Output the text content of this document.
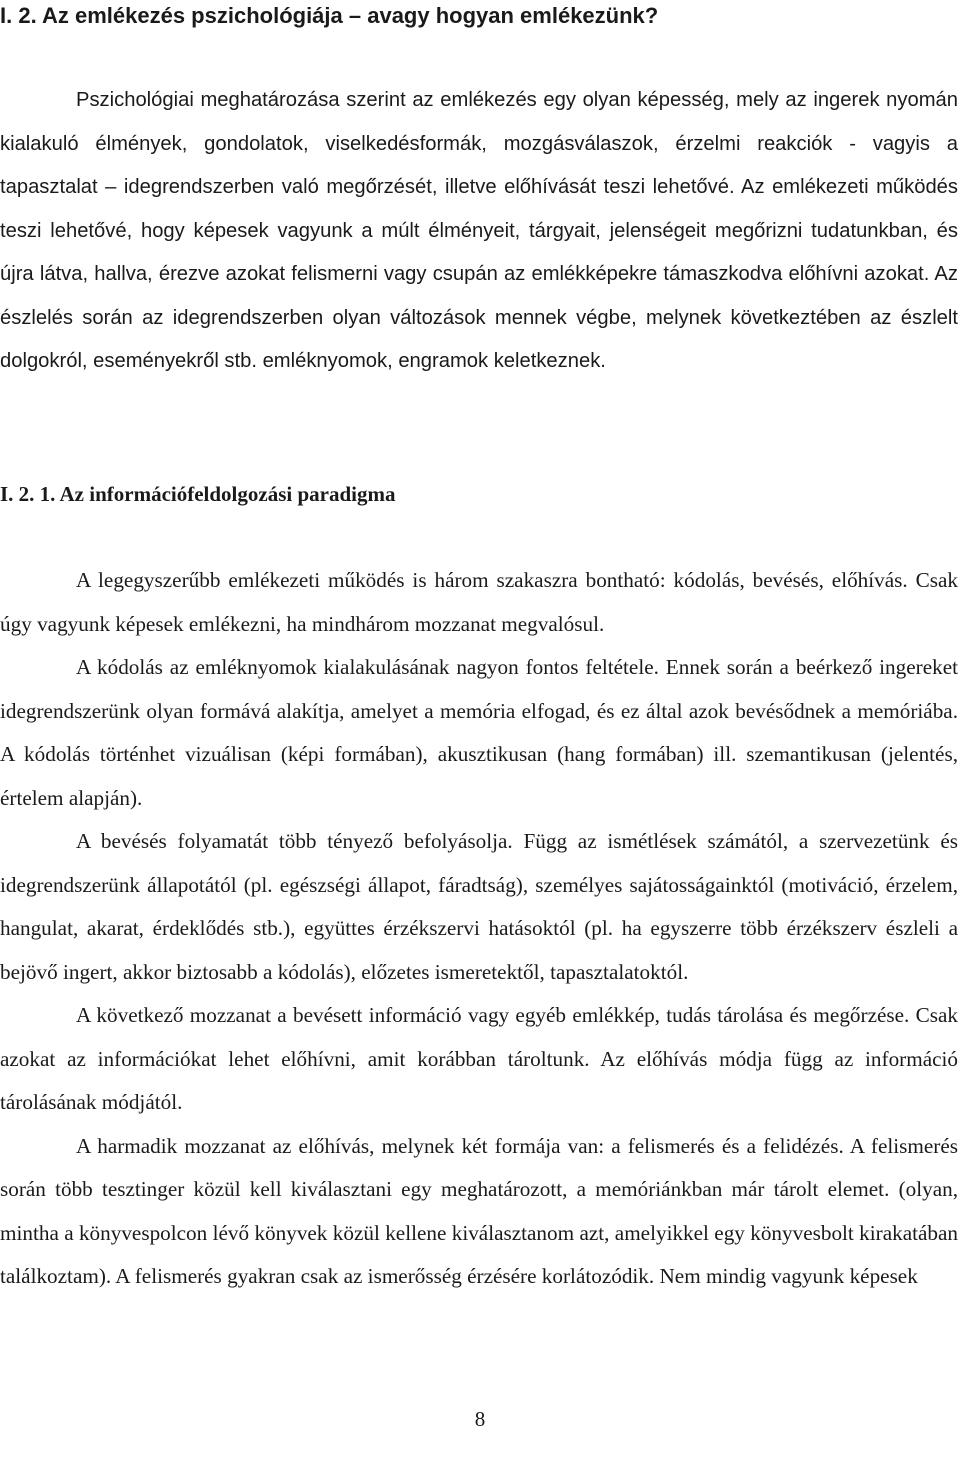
I. 2. Az emlékezés pszichológiája – avagy hogyan emlékezünk?

Pszichológiai meghatározása szerint az emlékezés egy olyan képesség, mely az ingerek nyomán kialakuló élmények, gondolatok, viselkedésformák, mozgásválaszok, érzelmi reakciók - vagyis a tapasztalat – idegrendszerben való megőrzését, illetve előhívását teszi lehetővé. Az emlékezeti működés teszi lehetővé, hogy képesek vagyunk a múlt élményeit, tárgyait, jelenségeit megőrizni tudatunkban, és újra látva, hallva, érezve azokat felismerni vagy csupán az emlékképekre támaszkodva előhívni azokat. Az észlelés során az idegrendszerben olyan változások mennek végbe, melynek következtében az észlelt dolgokról, eseményekről stb. emléknyomok, engramok keletkeznek.

I. 2. 1. Az információfeldolgozási paradigma

A legegyszerűbb emlékezeti működés is három szakaszra bontható: kódolás, bevésés, előhívás. Csak úgy vagyunk képesek emlékezni, ha mindhárom mozzanat megvalósul.

A kódolás az emléknyomok kialakulásának nagyon fontos feltétele. Ennek során a beérkező ingereket idegrendszerünk olyan formává alakítja, amelyet a memória elfogad, és ez által azok bevésődnek a memóriába. A kódolás történhet vizuálisan (képi formában), akusztikusan (hang formában) ill. szemantikusan (jelentés, értelem alapján).

A bevésés folyamatát több tényező befolyásolja. Függ az ismétlések számától, a szervezetünk és idegrendszerünk állapotától (pl. egészségi állapot, fáradtság), személyes sajátosságainktól (motiváció, érzelem, hangulat, akarat, érdeklődés stb.), együttes érzékszervi hatásoktól (pl. ha egyszerre több érzékszerv észleli a bejövő ingert, akkor biztosabb a kódolás), előzetes ismeretektől, tapasztalatoktól.

A következő mozzanat a bevésett információ vagy egyéb emlékkép, tudás tárolása és megőrzése. Csak azokat az információkat lehet előhívni, amit korábban tároltunk. Az előhívás módja függ az információ tárolásának módjától.

A harmadik mozzanat az előhívás, melynek két formája van: a felismerés és a felidézés. A felismerés során több tesztinger közül kell kiválasztani egy meghatározott, a memóriánkban már tárolt elemet. (olyan, mintha a könyvespolcon lévő könyvek közül kellene kiválasztanom azt, amelyikkel egy könyvesbolt kirakatában találkoztam). A felismerés gyakran csak az ismerősség érzésére korlátozódik. Nem mindig vagyunk képesek

8
